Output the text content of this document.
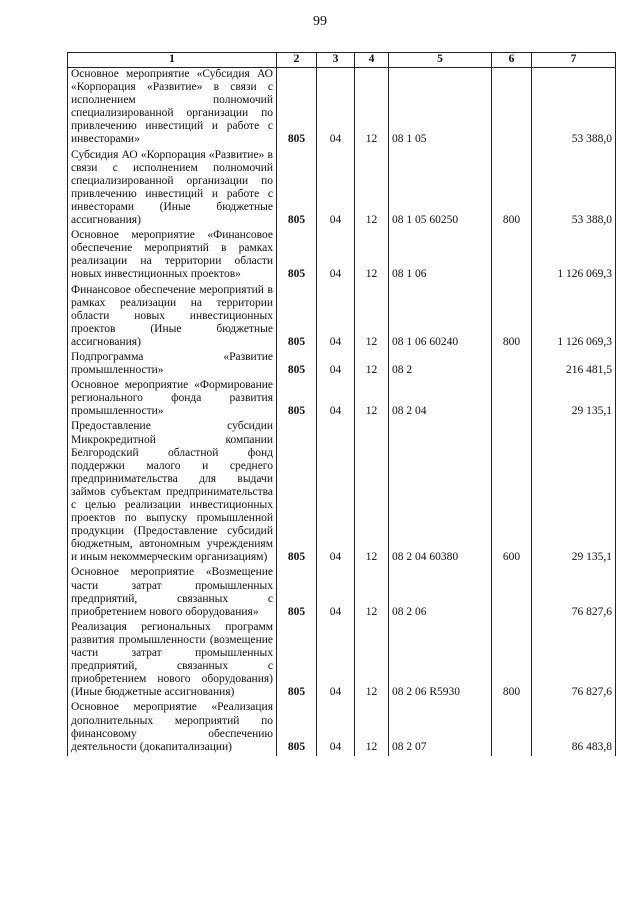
99
1	2	3	4	5	6	7
Основное мероприятие «Субсидия АО «Корпорация «Развитие» в связи с исполнением полномочий специализированной организации по привлечению инвестиций и работе с инвесторами»	805	04	12	08 1 05		53 388,0
Субсидия АО «Корпорация «Развитие» в связи с исполнением полномочий специализированной организации по привлечению инвестиций и работе с инвесторами (Иные бюджетные ассигнования)	805	04	12	08 1 05 60250	800	53 388,0
Основное мероприятие «Финансовое обеспечение мероприятий в рамках реализации на территории области новых инвестиционных проектов»	805	04	12	08 1 06		1 126 069,3
Финансовое обеспечение мероприятий в рамках реализации на территории области новых инвестиционных проектов (Иные бюджетные ассигнования)	805	04	12	08 1 06 60240	800	1 126 069,3
Подпрограмма «Развитие промышленности»	805	04	12	08 2		216 481,5
Основное мероприятие «Формирование регионального фонда развития промышленности»	805	04	12	08 2 04		29 135,1
Предоставление субсидии Микрокредитной компании Белгородский областной фонд поддержки малого и среднего предпринимательства для выдачи займов субъектам предпринимательства с целью реализации инвестиционных проектов по выпуску промышленной продукции (Предоставление субсидий бюджетным, автономным учреждениям и иным некоммерческим организациям)	805	04	12	08 2 04 60380	600	29 135,1
Основное мероприятие «Возмещение части затрат промышленных предприятий, связанных с приобретением нового оборудования»	805	04	12	08 2 06		76 827,6
Реализация региональных программ развития промышленности (возмещение части затрат промышленных предприятий, связанных с приобретением нового оборудования) (Иные бюджетные ассигнования)	805	04	12	08 2 06 R5930	800	76 827,6
Основное мероприятие «Реализация дополнительных мероприятий по финансовому обеспечению деятельности (докапитализации)	805	04	12	08 2 07		86 483,8
